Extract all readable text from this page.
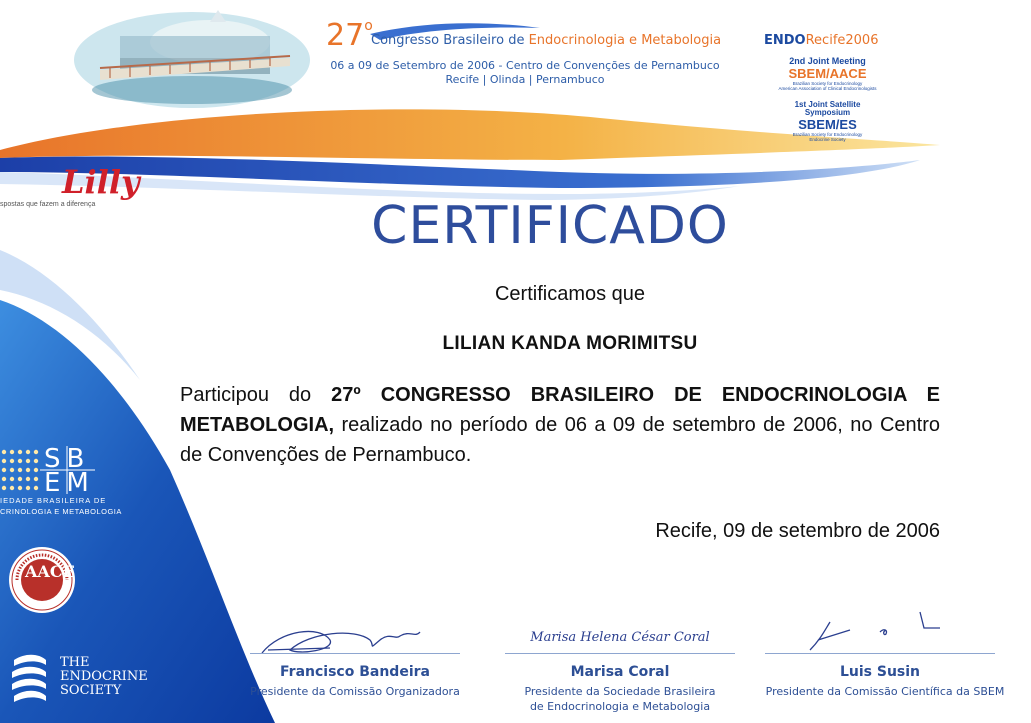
27$^o$
Congresso Brasileiro de Endocrinologia e Metabologia
06 a 09 de Setembro de 2006 - Centro de Convenções de Pernambuco
Recife | Olinda | Pernambuco
ENDORecife2006
2nd Joint Meeting
SBEM/AACE
Brazilian Society for Endocrinology
American Association of Clinical Endocrinologists
1st Joint Satellite
Symposium
SBEM/ES
Brazilian Society for Endocrinology
Endocrine Society
Lilly
spostas que fazem a diferença	CERTIFICADO
Certificamos que
LILIAN KANDA MORIMITSU
Participou do 27º CONGRESSO BRASILEIRO DE ENDOCRINOLOGIA E METABOLOGIA, realizado no período de 06 a 09 de setembro de 2006, no Centro de Convenções de Pernambuco.
Recife, 09 de setembro de 2006
Marisa Helena César Coral
Francisco Bandeira
Presidente da Comissão Organizadora
Marisa Coral
Presidente da Sociedade Brasileira
de Endocrinologia e Metabologia
Luis Susin
Presidente da Comissão Científica da SBEM
SB
EM
IEDADE BRASILEIRA DE
CRINOLOGIA E METABOLOGIA
AACE
THE
ENDOCRINE
SOCIETY
